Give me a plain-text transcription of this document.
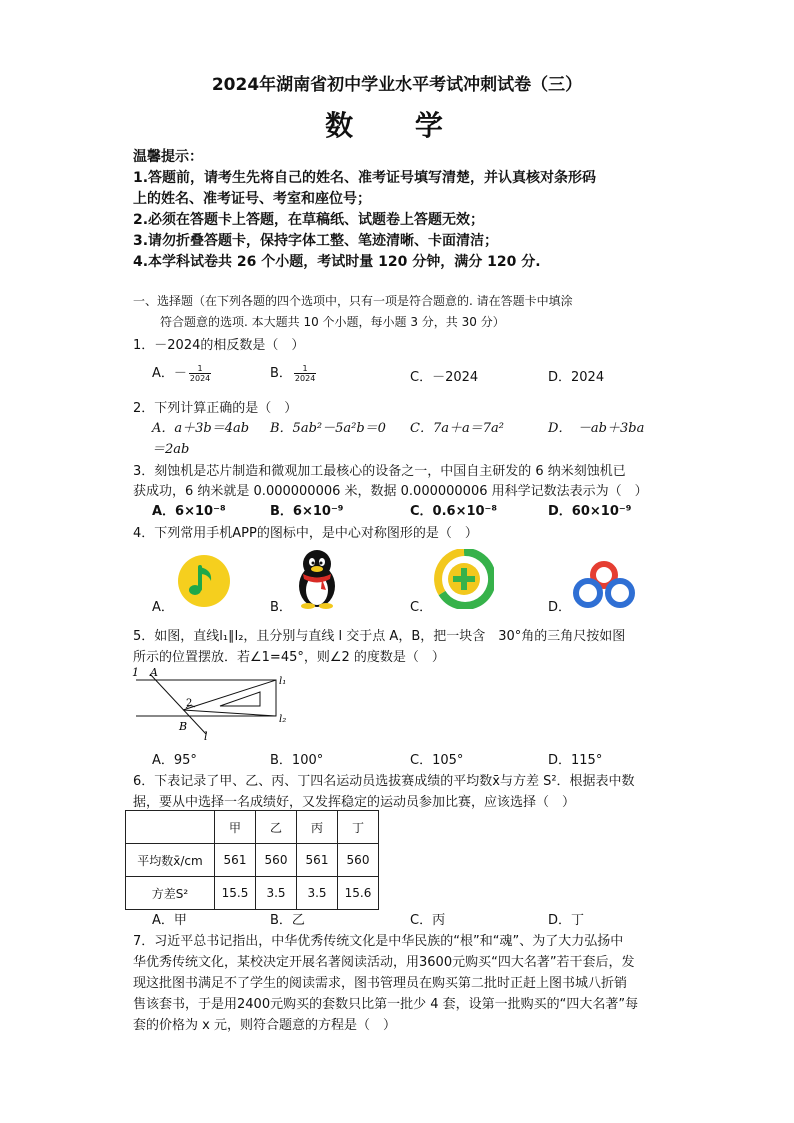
2024年湖南省初中学业水平考试冲刺试卷（三）
数 学
温馨提示：
1.答题前，请考生先将自己的姓名、准考证号填写清楚，并认真核对条形码
上的姓名、准考证号、考室和座位号；
2.必须在答题卡上答题，在草稿纸、试题卷上答题无效；
3.请勿折叠答题卡，保持字体工整、笔迹清晰、卡面清洁；
4.本学科试卷共 26 个小题，考试时量 120 分钟，满分 120 分.
一、选择题（在下列各题的四个选项中，只有一项是符合题意的. 请在答题卡中填涂
符合题意的选项. 本大题共 10 个小题，每小题 3 分，共 30 分）
1．－2024的相反数是（　）
A．－ $\frac{1}{2024}$	B． $\frac{1}{2024}$	C．－2024	D．2024
2．下列计算正确的是（　）
A．a＋3b＝4ab B．5ab²－5a²b＝0 C．7a＋a＝7a²	D．　－ab＋3ba
＝2ab
3．刻蚀机是芯片制造和微观加工最核心的设备之一，中国自主研发的 6 纳米刻蚀机已
获成功，6 纳米就是 0.000000006 米，数据 0.000000006 用科学记数法表示为（　）
A．6×10⁻⁸	B．6×10⁻⁹	C．0.6×10⁻⁸	D．60×10⁻⁹
4．下列常用手机APP的图标中，是中心对称图形的是（　）
A．	B．	C．	D．
5．如图，直线l₁∥l₂，且分别与直线 l 交于点 A，B，把一块含　30°角的三角尺按如图
所示的位置摆放．若∠1=45°，则∠2 的度数是（　）
1 A
2
B
l
l₁
l₂
A．95°	B．100°	C．105°	D．115°
6．下表记录了甲、乙、丙、丁四名运动员选拔赛成绩的平均数x̄与方差 S²．根据表中数
据，要从中选择一名成绩好，又发挥稳定的运动员参加比赛，应该选择（　）
	甲	乙	丙	丁
平均数x̄/cm	561	560	561	560
方差S²	15.5	3.5	3.5	15.6
A．甲	B．乙	C．丙	D．丁
7．习近平总书记指出，中华优秀传统文化是中华民族的“根”和“魂”、为了大力弘扬中
华优秀传统文化，某校决定开展名著阅读活动，用3600元购买“四大名著”若干套后，发
现这批图书满足不了学生的阅读需求，图书管理员在购买第二批时正赶上图书城八折销
售该套书，于是用2400元购买的套数只比第一批少 4 套，设第一批购买的“四大名著”每
套的价格为 x 元，则符合题意的方程是（　）
